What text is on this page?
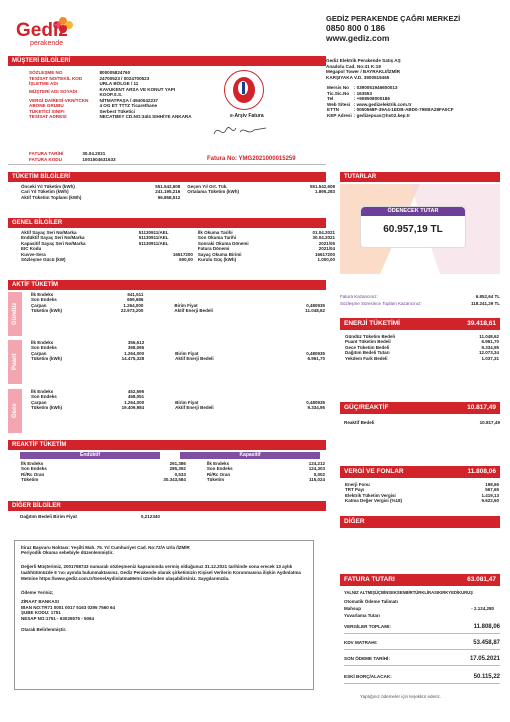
Gediz
perakende
GEDİZ PERAKENDE ÇAĞRI MERKEZİ
0850 800 0 186
www.gediz.com
Gediz Elektrik Perakende Satış AŞ
Anadolu Cad. No:41 K:19
Megapol Tower / BAYRAKLI/İZMİR
KARŞIYAKA V.D. 3900519465
Mersis No	: 0390051946600013
Tic.Sic.No	: 163553
Tel	: +908508000186
Web Sitesi	: www.gedizelektrik.com.tr
ETTN	: 0050568F-39A4-1EDB-ABD0-79EBA28FA0CF
KEP Adresi	: gedizepsas@hs02.kep.tr
MÜŞTERİ BİLGİLERİ
SÖZLEŞME NO	800005824760
TESİSAT NO/TEKİL KOD	24700523 / 0024700523
İŞLETME ADI	URLA BÖLGE / 11
MÜŞTERİ ADI SOYADI	KAVUKENT ARSA VE KONUT YAPI KOOP.S.S.
VERGİ DAİRESİ-VKN/TCKN	NİTMATPAŞA / 4940042237
ABONE GRUBU	4 OG ET TTTZ Ticarethane
TÜKETİCİ SINIFI	Serbest Tüketici
TESİSAT ADRESİ	NECATBEY CD.NO:34/4 SIHHİYE ANKARA	e-Arşiv Fatura
FATURA TARİHİ	30.04.2021
FATURA KODU	1001504631633	Fatura No: YMG2021000015259
TÜKETİM BİLGİLERİ
Önceki Yıl Tüketim (kWh)	551.542,608	Geçen Yıl Ort. Tük.	551.542,608
Cari Yıl Tüketim (kWh)	241.195,216	Ortalama Tüketim (kWh)	1.895,283
Aktif Tüketim Toplamı (kWh)	56.858,512		
GENEL BİLGİLER
Aktif Sayaç Seri No/Marka	51130911/AEL	İlk Okuma Tarihi	01.04.2021
Endüktif Sayaç Seri No/Marka	51130911/AEL	Son Okuma Tarihi	30.04.2021
Kapasitif Sayaç Seri No/Marka	51130911/AEL	Sonraki Okuma Dönemi	2021/05
EIC Kodu		Fatura Dönemi	2021/04
Kuvve-Sera	16617200	Sayaç Okuma Birimi	16617200
Sözleşme Gücü (kW)	600,00	Kurulu Güç (kWh)	1.000,00
AKTİF TÜKETİM
Gündüz
İlk Endeks	641,511		
Son Endeks	659,686		
Çarpan	1.264,000	Birim Fiyat	0,480935
Tüketim (kWh)	22.973,200	Aktif Enerji Bedeli	11.048,62
Puant
İlk Endeks	356,613		
Son Endeks	368,065		
Çarpan	1.264,000	Birim Fiyat	0,480935
Tüketim (kWh)	14.475,328	Aktif Enerji Bedeli	6.961,70
Gece
İlk Endeks	452,695		
Son Endeks	468,051		
Çarpan	1.264,000	Birim Fiyat	0,480935
Tüketim (kWh)	19.409,984	Aktif Enerji Bedeli	9.334,95
REAKTİF TÜKETİM
Endüktif	Kapasitif
İlk Endeks	261,386	İlk Endeks	124,212
Son Endeks	285,392	Son Endeks	124,303
Ri/Rc Oran	0,533	Ri/Rc Oran	0,002
Tüketim	30.343,584	Tüketim	115,024
DİĞER BİLGİLER
Dağıtım Bedeli Birim Fiyat	0,212340
İtiraz Başvuru Noktası: Yeşilti Mah. 75. Yıl Cumhuriyet Cad. No:72/A Urla /İZMİR
Periyodik Okuma sebebiyle düzenlenmiştir.
Değerli Müşterimiz, 2001768743 numaralı sözleşmeniz kapsamında vermiş olduğunuz 31.12.2021 tarihinde sona erecek 13 aylık taahhütünüzde 6 'ncı ayında bulunmaktasınız. Gediz Perakende olarak şirketimizin Kişisel Verilerin Korunmasına ilişkin Aydınlatma Metnine https://www.gediz.com.tr/GenelAydinlatmaMetni üzerinden ulaşabilirsiniz. Saygılarımızla.
Ödeme Yeriniz;
ZİRAAT BANKASI
IBAN NO:TR71 0001 0017 5163 0295 7560 64
ŞUBE KODU: 1751
NESAP NO:1751 - 63026575 - 5064
Otarak Belirlenmiştir.
TUTARLAR
ÖDENECEK TUTAR
60.957,19 TL
Fatura Kazancınız:	6.852,64 TL
Sözleşme Süresince Toplam Kazancınız:	118.241,29 TL
ENERJİ TÜKETİMİ	39.418,61
Gündüz Tüketim Bedeli	11.048,62
Puant Tüketim Bedeli	6.961,70
Gece Tüketim Bedeli	9.334,95
Dağıtım Bedeli Tutarı	12.073,34
Yekdem Fark Bedeli	1.037,31
GÜÇ/REAKTİF	10.817,49
Reaktif Bedeli	10.817,49
VERGİ VE FONLAR	11.808,06
Enerji Fonu	198,66
TRT Payı	567,65
Elektrik Tüketim Vergisi	1.419,13
Katma Değer Vergisi (%18)	9.622,60
DİĞER
FATURA TUTARI	63.081,47
YALNIZ ALTMIŞÜÇBİNSEKSENBİRTÜRKLİRASIKIRKYEDİKURUŞ
Otomatik Ödeme Talimatı
Mahsup	- 2.124,280
Yuvarlama Tutarı
VERGİLER TOPLAMI:	11.808,06
KDV MATRAHI:	53.458,87
SON ÖDEME TARİHİ:	17.05.2021
ESKİ BORÇ/ALACAK:	50.115,22
Yaptığınız ödemeler için teşekkür ederiz.
